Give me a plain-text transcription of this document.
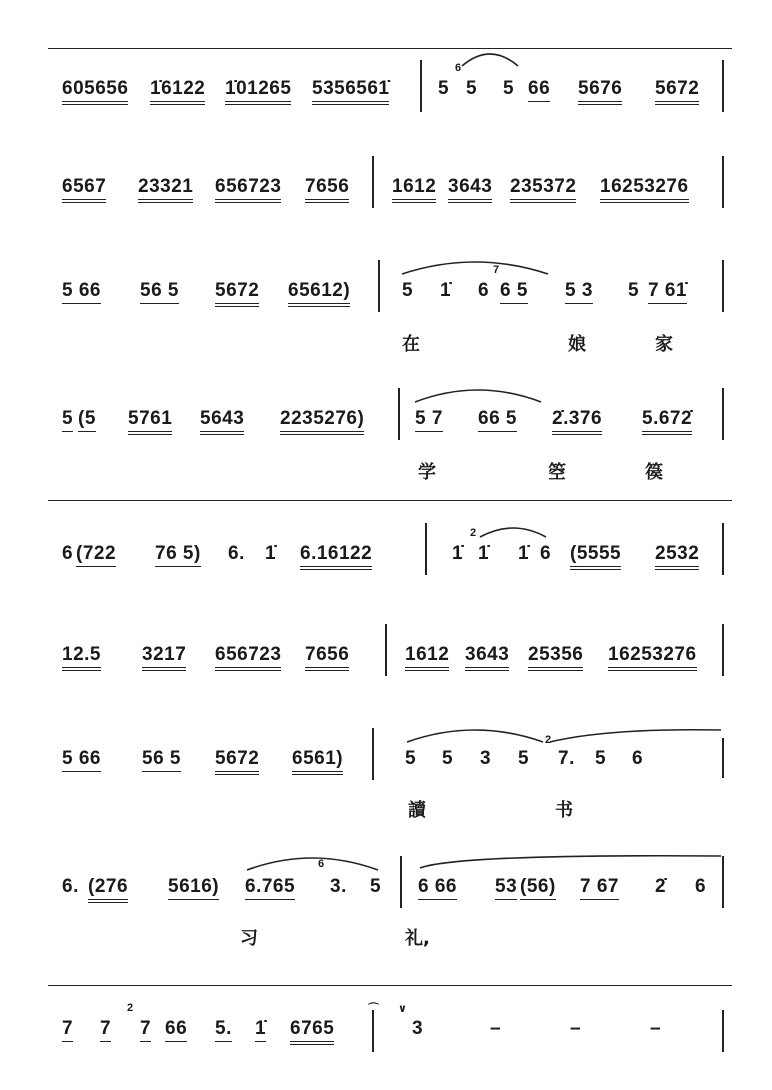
605656 1̇6122 1̇01265 5356561̇	5
6
5 5 66 5676 5672
6567 23321 656723 7656 1612 3643 235372 16253276
5 66 56 5 5672 65612)	5 1̇
7
6 6 5 5 3 5 7 61̇
在	娘	家
5 (5 5761 5643 2235276)	5 7 66 5 2̇.376 5.672̇
学	箜	篌
6 (722 76 5) 6. 1̇ 6.16122
2
1̇ 1̇ 1̇ 6 (5555 2532
12.5 3217 656723 7656	1612 3643 25356 16253276
5 66 56 5 5672 6561)	5 5 3 5
2
7. 5 6
讀	书
6. (276 5616) 6.765
6
3. 5 6 66 53 (56) 7 67 2̇ 6
习	礼,
7 7
2
7 66 5. 1̇ 6765
⌒ ∨
3	–	–	–
